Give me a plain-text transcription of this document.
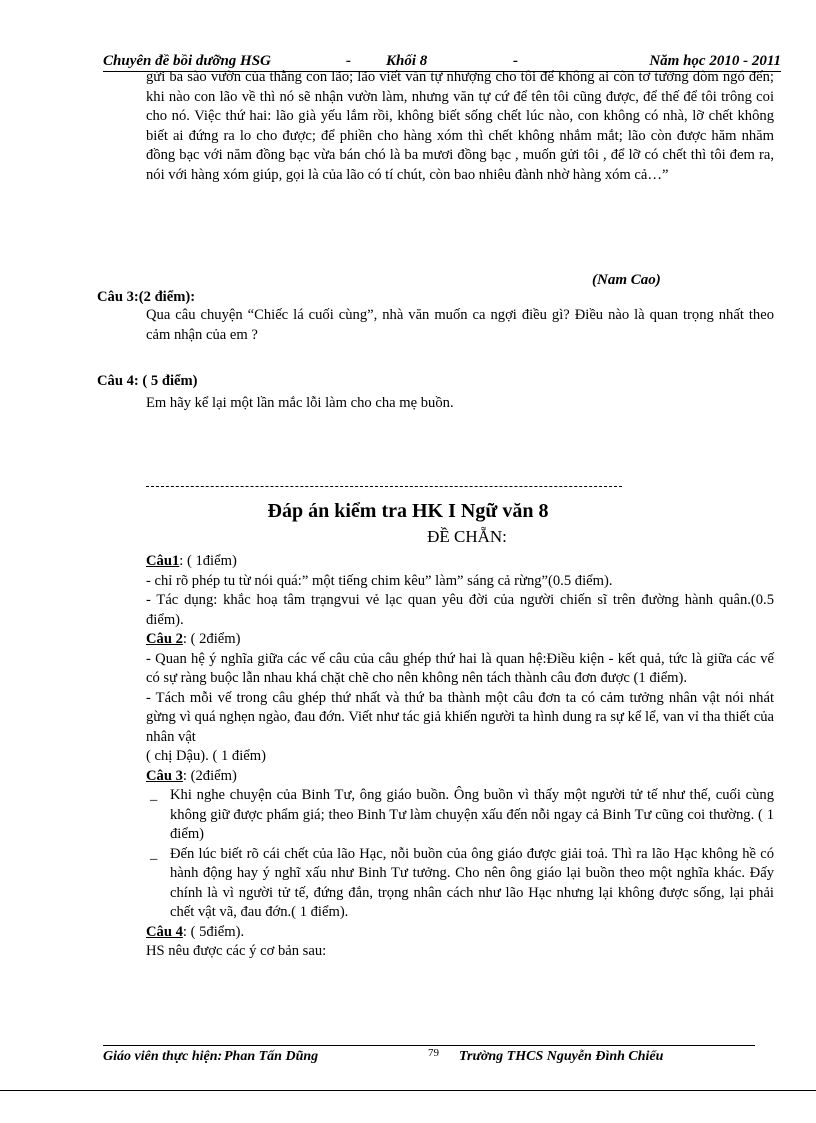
Chuyên đề bồi dưỡng HSG	- Khối 8	-	Năm học 2010 - 2011
gửi ba sào vườn của thằng con lão; lão viết văn tự nhượng cho tôi để không ai còn tơ tưởng dòm ngó đến; khi nào con lão về thì nó sẽ nhận vườn làm, nhưng văn tự cứ để tên tôi cũng được, để thế để tôi trông coi cho nó. Việc thứ hai: lão già yếu lắm rồi, không biết sống chết lúc nào, con không có nhà, lỡ chết không biết ai đứng ra lo cho được; để phiền cho hàng xóm thì chết không nhắm mắt; lão còn được hăm nhăm đồng bạc với năm đồng bạc vừa bán chó là ba mươi đồng bạc , muốn gửi tôi , để lỡ có chết thì tôi đem ra, nói với hàng xóm giúp, gọi là của lão có tí chút, còn bao nhiêu đành nhờ hàng xóm cả…”
(Nam Cao)
Câu 3:(2 điểm):
Qua câu chuyện “Chiếc lá cuối cùng”, nhà văn muốn ca ngợi điều gì? Điều nào là quan trọng nhất theo cảm nhận của em ?
Câu 4: ( 5 điểm)
Em hãy kể lại một lần mắc lỗi làm cho cha mẹ buồn.
Đáp án kiểm tra HK I Ngữ văn 8
ĐỀ CHẴN:

Câu1: ( 1điểm)

- chỉ rõ phép tu từ nói quá:” một tiếng chim kêu” làm” sáng cả rừng”(0.5 điểm).

- Tác dụng: khắc hoạ tâm trạngvui vẻ lạc quan yêu đời của người chiến sĩ trên đường hành quân.(0.5 điểm).

Câu 2: ( 2điểm)

- Quan hệ ý nghĩa giữa các vế câu của câu ghép thứ hai là quan hệ:Điều kiện - kết quả, tức là giữa các vế có sự ràng buộc lẫn nhau khá chặt chẽ cho nên không nên tách thành câu đơn được (1 điểm).

- Tách mỗi vế trong câu ghép thứ nhất và thứ ba thành một câu đơn ta có cảm tưởng nhân vật nói nhát gừng vì quá nghẹn ngào, đau đớn. Viết như tác giả khiến người ta hình dung ra sự kể lể, van vỉ tha thiết của nhân vật

( chị Dậu). ( 1 điểm)

Câu 3: (2điểm)

_ Khi nghe chuyện của Binh Tư, ông giáo buồn. Ông buồn vì thấy một người tử tế như thế, cuối cùng không giữ được phẩm giá; theo Binh Tư làm chuyện xấu đến nỗi ngay cả Binh Tư cũng coi thường. ( 1 điểm)
_ Đến lúc biết rõ cái chết của lão Hạc, nỗi buồn của ông giáo được giải toả. Thì ra lão Hạc không hề có hành động hay ý nghĩ xấu như Binh Tư tưởng. Cho nên ông giáo lại buồn theo một nghĩa khác. Đấy chính là vì người tử tế, đứng đắn, trọng nhân cách như lão Hạc nhưng lại không được sống, lại phải chết vật vã, đau đớn.( 1 điểm).

Câu 4: ( 5điểm).

HS nêu được các ý cơ bản sau:

Giáo viên thực hiện: Phan Tấn Dũng	79 Trường THCS Nguyễn Đình Chiểu
